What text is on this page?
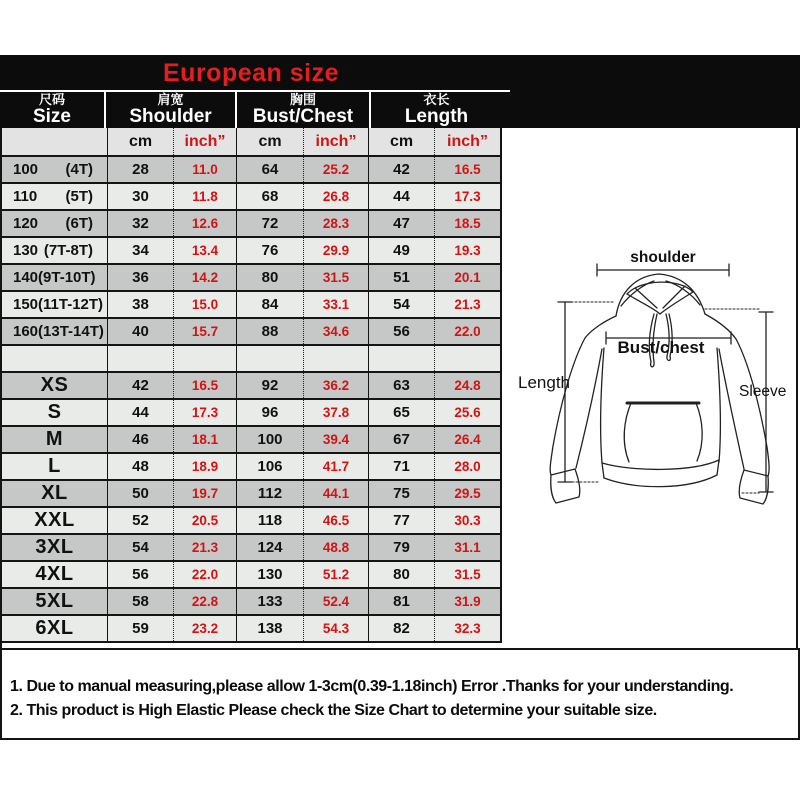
European size
尺码
Size
肩宽
Shoulder
胸围
Bust/Chest
衣长
Length
cm	inch”	cm	inch”	cm	inch”
100 (4T)	28	11.0	64	25.2	42	16.5
110 (5T)	30	11.8	68	26.8	44	17.3
120 (6T)	32	12.6	72	28.3	47	18.5
130 (7T-8T)	34	13.4	76	29.9	49	19.3
140 (9T-10T)	36	14.2	80	31.5	51	20.1
150 (11T-12T)	38	15.0	84	33.1	54	21.3
160 (13T-14T)	40	15.7	88	34.6	56	22.0
XS	42	16.5	92	36.2	63	24.8
S	44	17.3	96	37.8	65	25.6
M	46	18.1	100	39.4	67	26.4
L	48	18.9	106	41.7	71	28.0
XL	50	19.7	112	44.1	75	29.5
XXL	52	20.5	118	46.5	77	30.3
3XL	54	21.3	124	48.8	79	31.1
4XL	56	22.0	130	51.2	80	31.5
5XL	58	22.8	133	52.4	81	31.9
6XL	59	23.2	138	54.3	82	32.3
shoulder
Bust/chest
Length	Sleeve

1. Due to manual measuring,please allow 1-3cm(0.39-1.18inch) Error .Thanks for your understanding.

2. This product is High Elastic Please check the Size Chart to determine your suitable size.
